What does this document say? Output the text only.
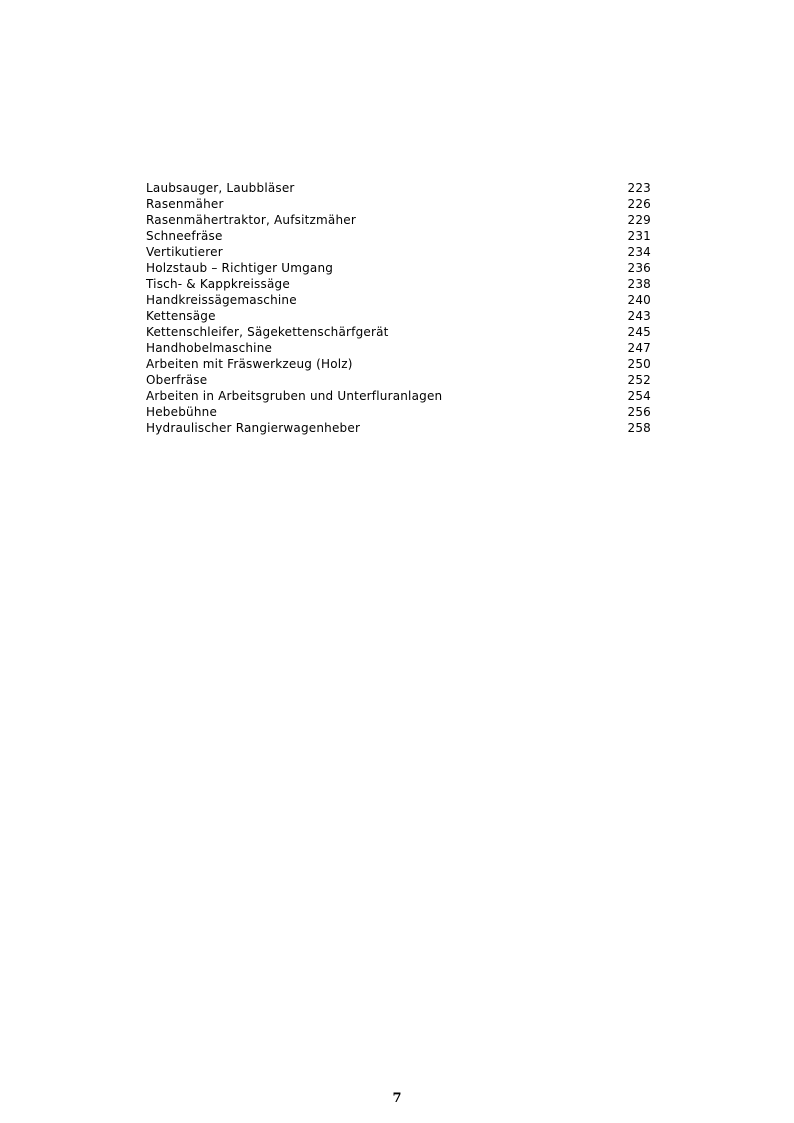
Laubsauger, Laubbläser	223
Rasenmäher	226
Rasenmähertraktor, Aufsitzmäher	229
Schneefräse	231
Vertikutierer	234
Holzstaub – Richtiger Umgang	236
Tisch- & Kappkreissäge	238
Handkreissägemaschine	240
Kettensäge	243
Kettenschleifer, Sägekettenschärfgerät	245
Handhobelmaschine	247
Arbeiten mit Fräswerkzeug (Holz)	250
Oberfräse	252
Arbeiten in Arbeitsgruben und Unterfluranlagen	254
Hebebühne	256
Hydraulischer Rangierwagenheber	258
7
